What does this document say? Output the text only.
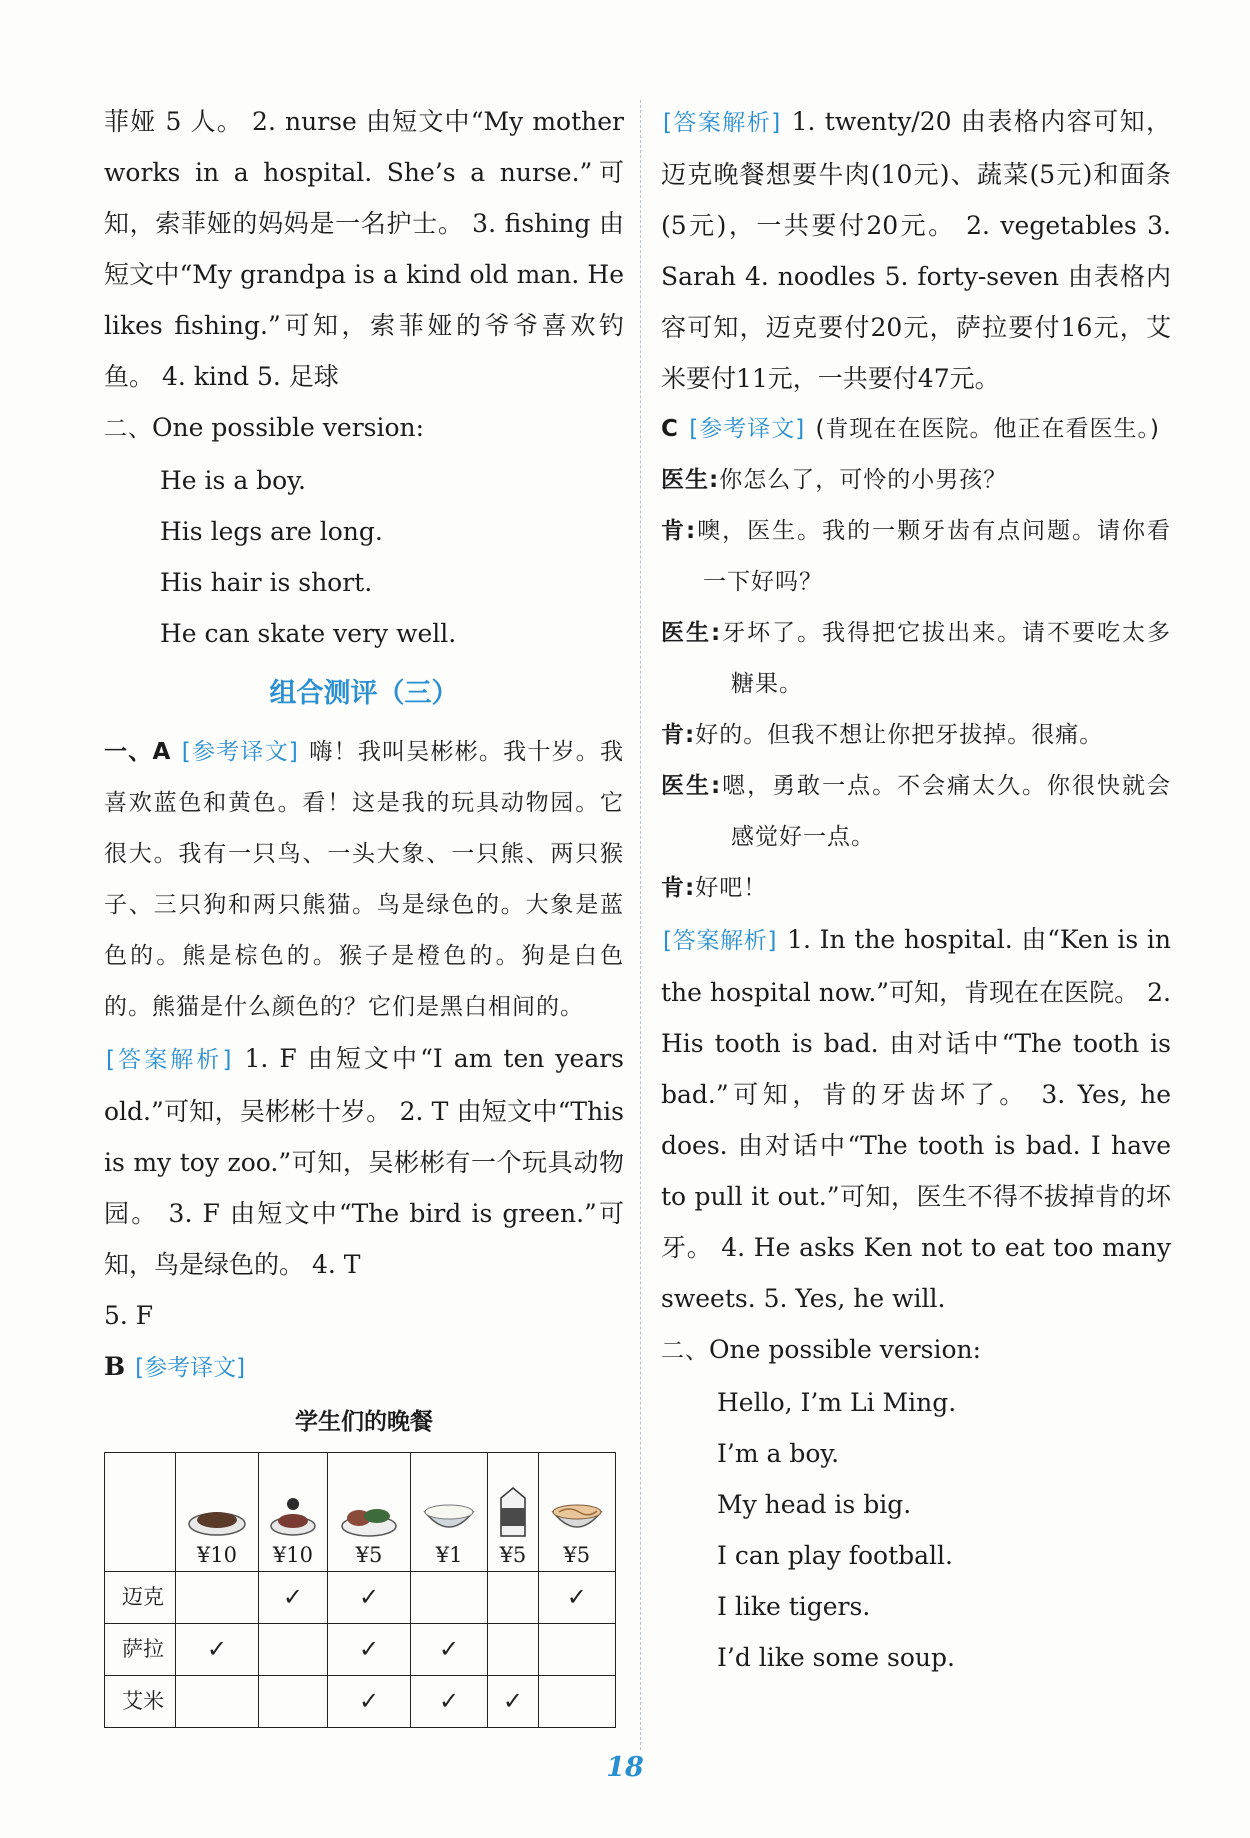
菲娅 5 人。 2. nurse 由短文中“My mother works in a hospital. She’s a nurse.”可知，索菲娅的妈妈是一名护士。 3. fishing 由短文中“My grandpa is a kind old man. He likes fishing.”可知，索菲娅的爷爷喜欢钓鱼。 4. kind 5. 足球

二、One possible version:

He is a boy.

His legs are long.

His hair is short.

He can skate very well.

组合测评（三）

一、A [ 参考译文 ] 嗨！我叫吴彬彬。我十岁。我喜欢蓝色和黄色。看！这是我的玩具动物园。它很大。我有一只鸟、一头大象、一只熊、两只猴子、三只狗和两只熊猫。鸟是绿色的。大象是蓝色的。熊是棕色的。猴子是橙色的。狗是白色的。熊猫是什么颜色的？它们是黑白相间的。

[ 答案解析 ] 1. F 由短文中“I am ten years old.”可知，吴彬彬十岁。 2. T 由短文中“This is my toy zoo.”可知，吴彬彬有一个玩具动物园。 3. F 由短文中“The bird is green.”可知，鸟是绿色的。 4. T

5. F

B [ 参考译文 ]

学生们的晚餐

	¥10	¥10	¥5	¥1	¥5	¥5

迈克		✓	✓			✓
萨拉	✓		✓	✓		
艾米			✓	✓	✓	

[ 答案解析 ] 1. twenty/20 由表格内容可知，迈克晚餐想要牛肉(10元)、蔬菜(5元)和面条(5元)，一共要付20元。 2. vegetables 3. Sarah 4. noodles 5. forty-seven 由表格内容可知，迈克要付20元，萨拉要付16元，艾米要付11元，一共要付47元。

C [ 参考译文 ] (肯现在在医院。他正在看医生。)

医生:你怎么了，可怜的小男孩？

肯:噢，医生。我的一颗牙齿有点问题。请你看一下好吗？

医生:牙坏了。我得把它拔出来。请不要吃太多糖果。

肯:好的。但我不想让你把牙拔掉。很痛。

医生:嗯，勇敢一点。不会痛太久。你很快就会感觉好一点。

肯:好吧！

[ 答案解析 ] 1. In the hospital. 由“Ken is in the hospital now.”可知，肯现在在医院。 2. His tooth is bad. 由对话中“The tooth is bad.”可知，肯的牙齿坏了。 3. Yes, he does. 由对话中“The tooth is bad. I have to pull it out.”可知，医生不得不拔掉肯的坏牙。 4. He asks Ken not to eat too many sweets. 5. Yes, he will.

二、One possible version:

Hello, I’m Li Ming.

I’m a boy.

My head is big.

I can play football.

I like tigers.

I’d like some soup.

18
